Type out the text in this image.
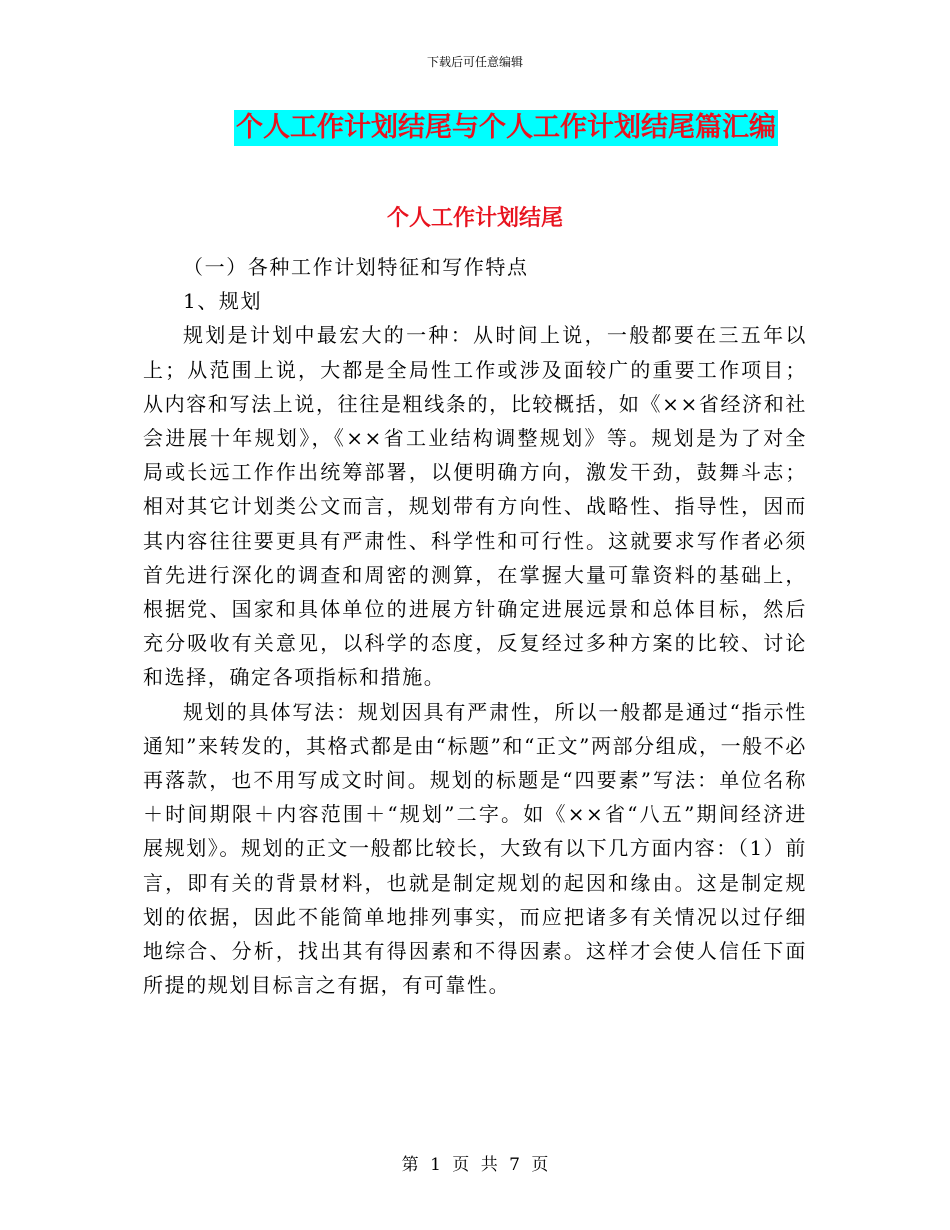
下载后可任意编辑
个人工作计划结尾与个人工作计划结尾篇汇编
个人工作计划结尾

（一）各种工作计划特征和写作特点

1、规划

规划是计划中最宏大的一种：从时间上说，一般都要在三五年以上；从范围上说，大都是全局性工作或涉及面较广的重要工作项目；从内容和写法上说，往往是粗线条的，比较概括，如《××省经济和社会进展十年规划》，《××省工业结构调整规划》等。规划是为了对全局或长远工作作出统筹部署，以便明确方向，激发干劲，鼓舞斗志；相对其它计划类公文而言，规划带有方向性、战略性、指导性，因而其内容往往要更具有严肃性、科学性和可行性。这就要求写作者必须首先进行深化的调查和周密的测算，在掌握大量可靠资料的基础上，根据党、国家和具体单位的进展方针确定进展远景和总体目标，然后充分吸收有关意见，以科学的态度，反复经过多种方案的比较、讨论和选择，确定各项指标和措施。

规划的具体写法：规划因具有严肃性，所以一般都是通过“指示性通知”来转发的，其格式都是由“标题”和“正文”两部分组成，一般不必再落款，也不用写成文时间。规划的标题是“四要素”写法：单位名称＋时间期限＋内容范围＋“规划”二字。如《××省“八五”期间经济进展规划》。规划的正文一般都比较长，大致有以下几方面内容：（1）前言，即有关的背景材料，也就是制定规划的起因和缘由。这是制定规划的依据，因此不能简单地排列事实，而应把诸多有关情况以过仔细地综合、分析，找出其有得因素和不得因素。这样才会使人信任下面所提的规划目标言之有据，有可靠性。

第 1 页 共 7 页
